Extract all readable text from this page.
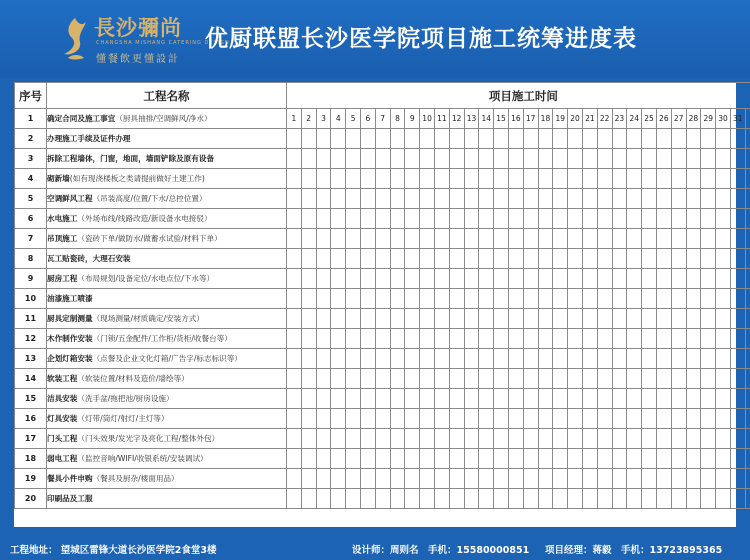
長沙彌尚
CHANGSHA MISHANG CATERING DESIGN
懂餐飲更懂設計
优厨联盟长沙医学院项目施工统筹进度表
序号	工程名称	项目施工时间																															
1	确定合同及施工事宜（厨具抽排/空调鲜风/净水）	1	2	3	4	5	6	7	8	9	10	11	12	13	14	15	16	17	18	19	20	21	22	23	24	25	26	27	28	29	30	31	
2	办理施工手续及证件办理																																
3	拆除工程墙体，门窗，地面，墙面铲除及原有设备																																
4	砌新墙(如有现浇楼板之类请提前做好土建工作)																																
5	空调鲜风工程（吊装高度/位置/下水/总控位置）																																
6	水电施工（外场布线/线路改造/新设备水电接驳）																																
7	吊顶施工（瓷砖下单/做防水/做蓄水试验/材料下单）																																
8	瓦工贴瓷砖，大理石安装																																
9	厨房工程（布局规划/设备定位/水电点位/下水等）																																
10	油漆施工喷漆																																
11	厨具定制测量（现场测量/材质确定/安装方式）																																
12	木作制作安装（门锁/五金配件/工作柜/货柜/收餐台等）																																
13	企划灯箱安装（点餐及企业文化灯箱/广告字/标志标识等）																																
14	软装工程（软装位置/材料及造价/墙绘等）																																
15	洁具安装（洗手盆/拖把池/厨房设施）																																
16	灯具安装（灯带/筒灯/射灯/主灯等）																																
17	门头工程（门头效果/发光字及亮化工程/整体外包）																																
18	弱电工程（监控音响/WIFI/收银系统/安装调试）																																
19	餐具小件申购（餐具及厨杂/楼面用品）																																
20	印刷品及工服																																
工程地址： 望城区雷锋大道长沙医学院2食堂3楼	设计师：周则名　手机：15580000851 项目经理：蒋毅　手机：13723895365
